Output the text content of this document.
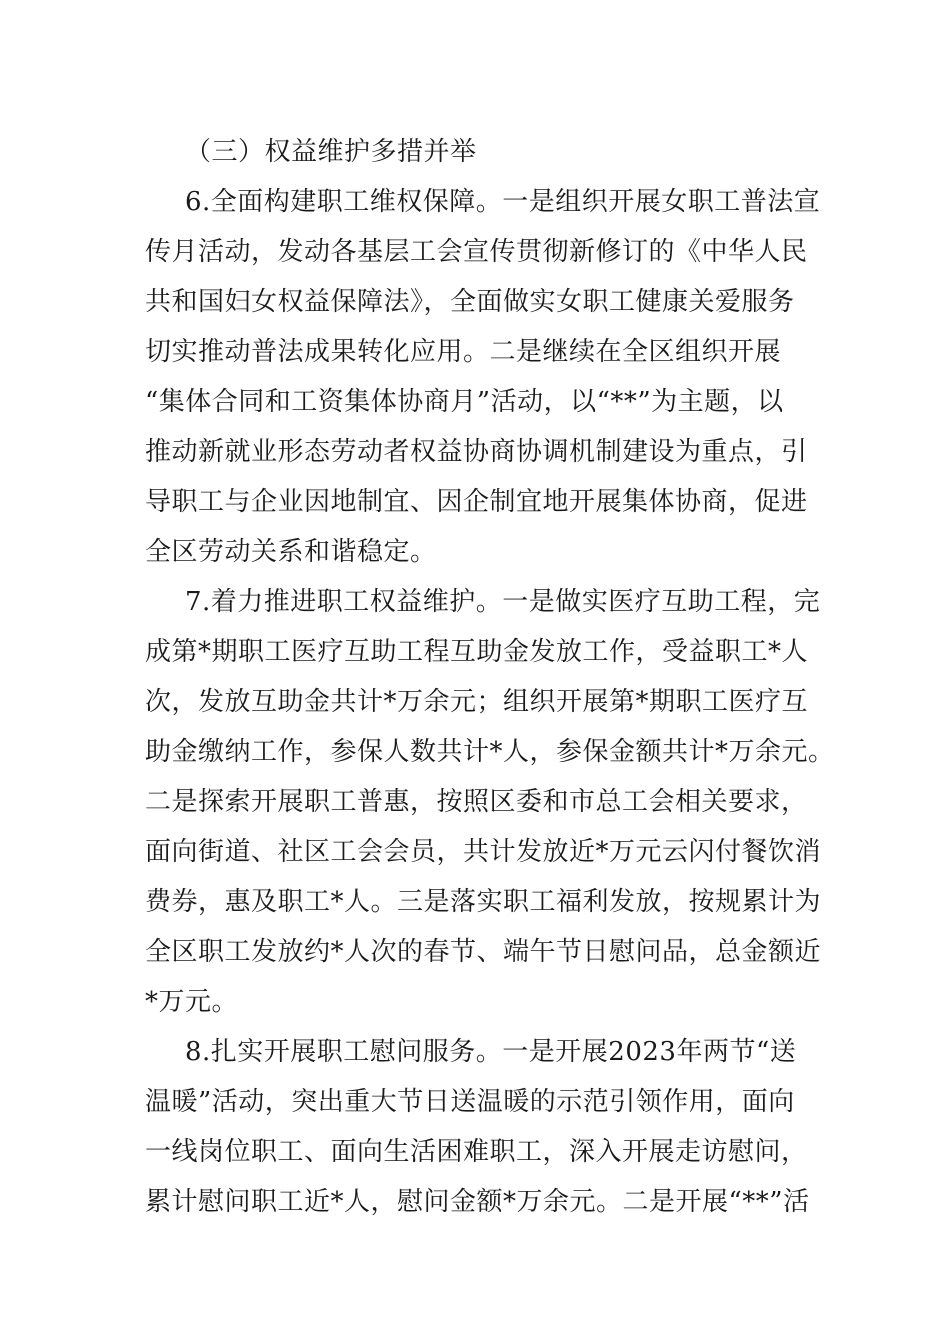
（三）权益维护多措并举
6.全面构建职工维权保障。一是组织开展女职工普法宣
传月活动，发动各基层工会宣传贯彻新修订的《中华人民
共和国妇女权益保障法》，全面做实女职工健康关爱服务
切实推动普法成果转化应用。二是继续在全区组织开展
“集体合同和工资集体协商月”活动，以“**”为主题，以
推动新就业形态劳动者权益协商协调机制建设为重点，引
导职工与企业因地制宜、因企制宜地开展集体协商，促进
全区劳动关系和谐稳定。
7.着力推进职工权益维护。一是做实医疗互助工程，完
成第*期职工医疗互助工程互助金发放工作，受益职工*人
次，发放互助金共计*万余元；组织开展第*期职工医疗互
助金缴纳工作，参保人数共计*人，参保金额共计*万余元。
二是探索开展职工普惠，按照区委和市总工会相关要求，
面向街道、社区工会会员，共计发放近*万元云闪付餐饮消
费券，惠及职工*人。三是落实职工福利发放，按规累计为
全区职工发放约*人次的春节、端午节日慰问品，总金额近
*万元。
8.扎实开展职工慰问服务。一是开展2023年两节“送
温暖”活动，突出重大节日送温暖的示范引领作用，面向
一线岗位职工、面向生活困难职工，深入开展走访慰问，
累计慰问职工近*人，慰问金额*万余元。二是开展“**”活
